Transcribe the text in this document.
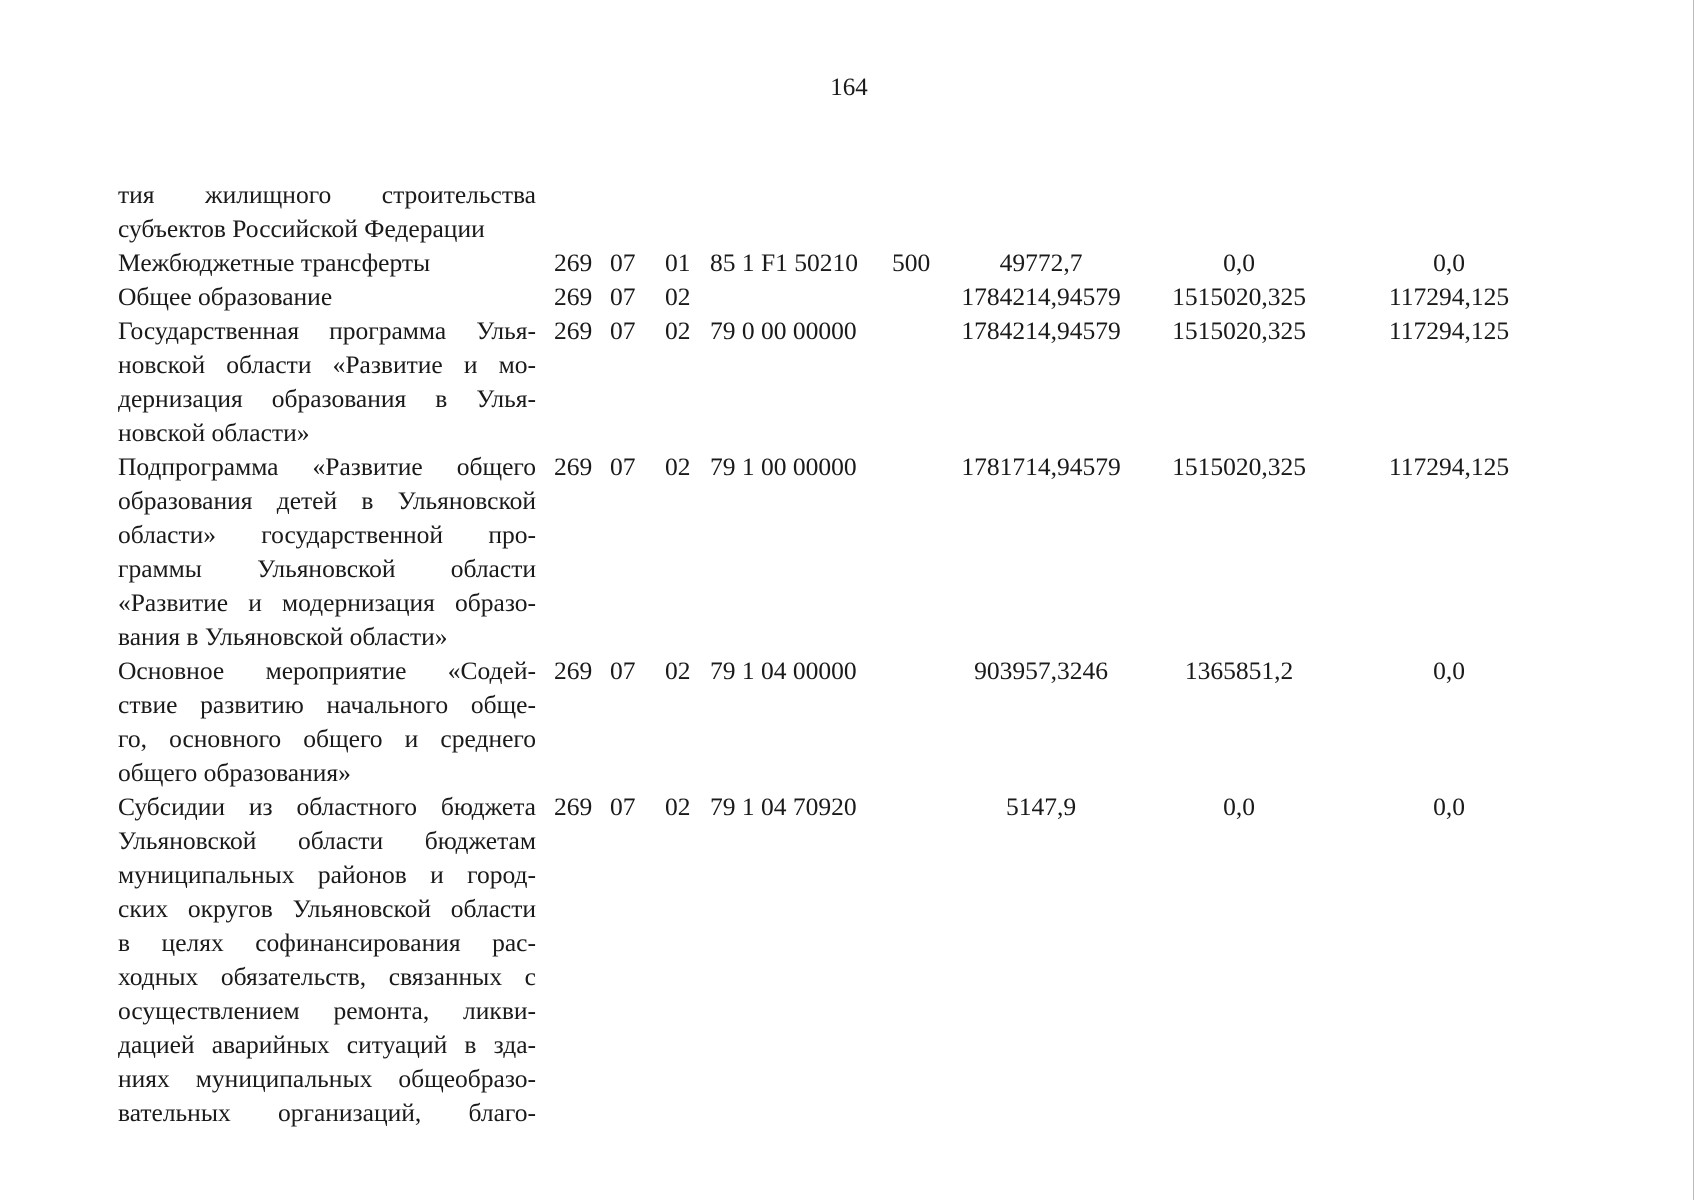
164
тия жилищного строительства
субъектов Российской Федерации
Межбюджетные трансферты	269 07	01 85 1 F1 50210	500	49772,7	0,0	0,0
Общее образование	269 07	02	1784214,94579	1515020,325	117294,125
Государственная программа Улья-
новской области «Развитие и мо-
дернизация образования в Улья-
новской области»
269 07	02 79 0 00 00000	1784214,94579	1515020,325	117294,125
Подпрограмма «Развитие общего
образования детей в Ульяновской
области» государственной про-
граммы Ульяновской области
«Развитие и модернизация образо-
вания в Ульяновской области»
269 07	02 79 1 00 00000	1781714,94579	1515020,325	117294,125
Основное мероприятие «Содей-
ствие развитию начального обще-
го, основного общего и среднего
общего образования»
269 07	02 79 1 04 00000	903957,3246	1365851,2	0,0
Субсидии из областного бюджета
Ульяновской области бюджетам
муниципальных районов и город-
ских округов Ульяновской области
в целях софинансирования рас-
ходных обязательств, связанных с
осуществлением ремонта, ликви-
дацией аварийных ситуаций в зда-
ниях муниципальных общеобразо-
вательных организаций, благо-
269 07	02 79 1 04 70920	5147,9	0,0	0,0
